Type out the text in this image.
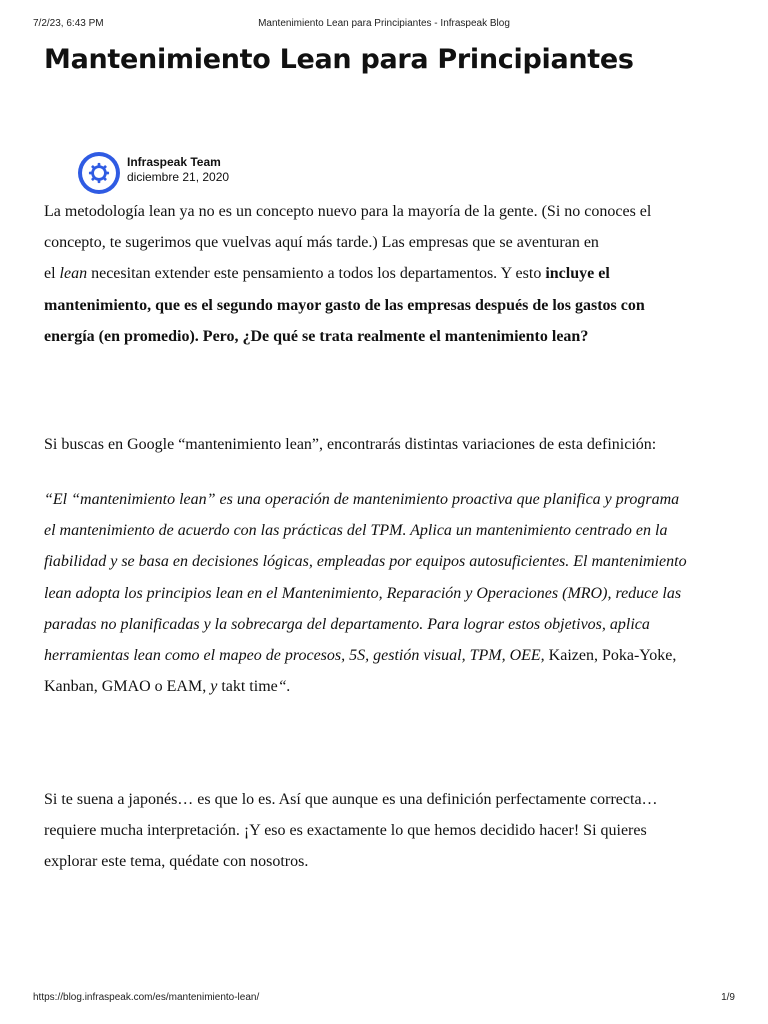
7/2/23, 6:43 PM	Mantenimiento Lean para Principiantes - Infraspeak Blog
Mantenimiento Lean para Principiantes
Infraspeak Team
diciembre 21, 2020

La metodología lean ya no es un concepto nuevo para la mayoría de la gente. (Si no conoces el
concepto, te sugerimos que vuelvas aquí más tarde.) Las empresas que se aventuran en
el lean necesitan extender este pensamiento a todos los departamentos. Y esto incluye el
mantenimiento, que es el segundo mayor gasto de las empresas después de los gastos con
energía (en promedio). Pero, ¿De qué se trata realmente el mantenimiento lean?

Si buscas en Google “mantenimiento lean”, encontrarás distintas variaciones de esta definición:

“El “mantenimiento lean” es una operación de mantenimiento proactiva que planifica y programa
el mantenimiento de acuerdo con las prácticas del TPM. Aplica un mantenimiento centrado en la
fiabilidad y se basa en decisiones lógicas, empleadas por equipos autosuficientes. El mantenimiento
lean adopta los principios lean en el Mantenimiento, Reparación y Operaciones (MRO), reduce las
paradas no planificadas y la sobrecarga del departamento. Para lograr estos objetivos, aplica
herramientas lean como el mapeo de procesos, 5S, gestión visual, TPM, OEE, Kaizen, Poka-Yoke,
Kanban, GMAO o EAM, y takt time“.

Si te suena a japonés… es que lo es. Así que aunque es una definición perfectamente correcta…
requiere mucha interpretación. ¡Y eso es exactamente lo que hemos decidido hacer! Si quieres
explorar este tema, quédate con nosotros.

https://blog.infraspeak.com/es/mantenimiento-lean/	1/9
